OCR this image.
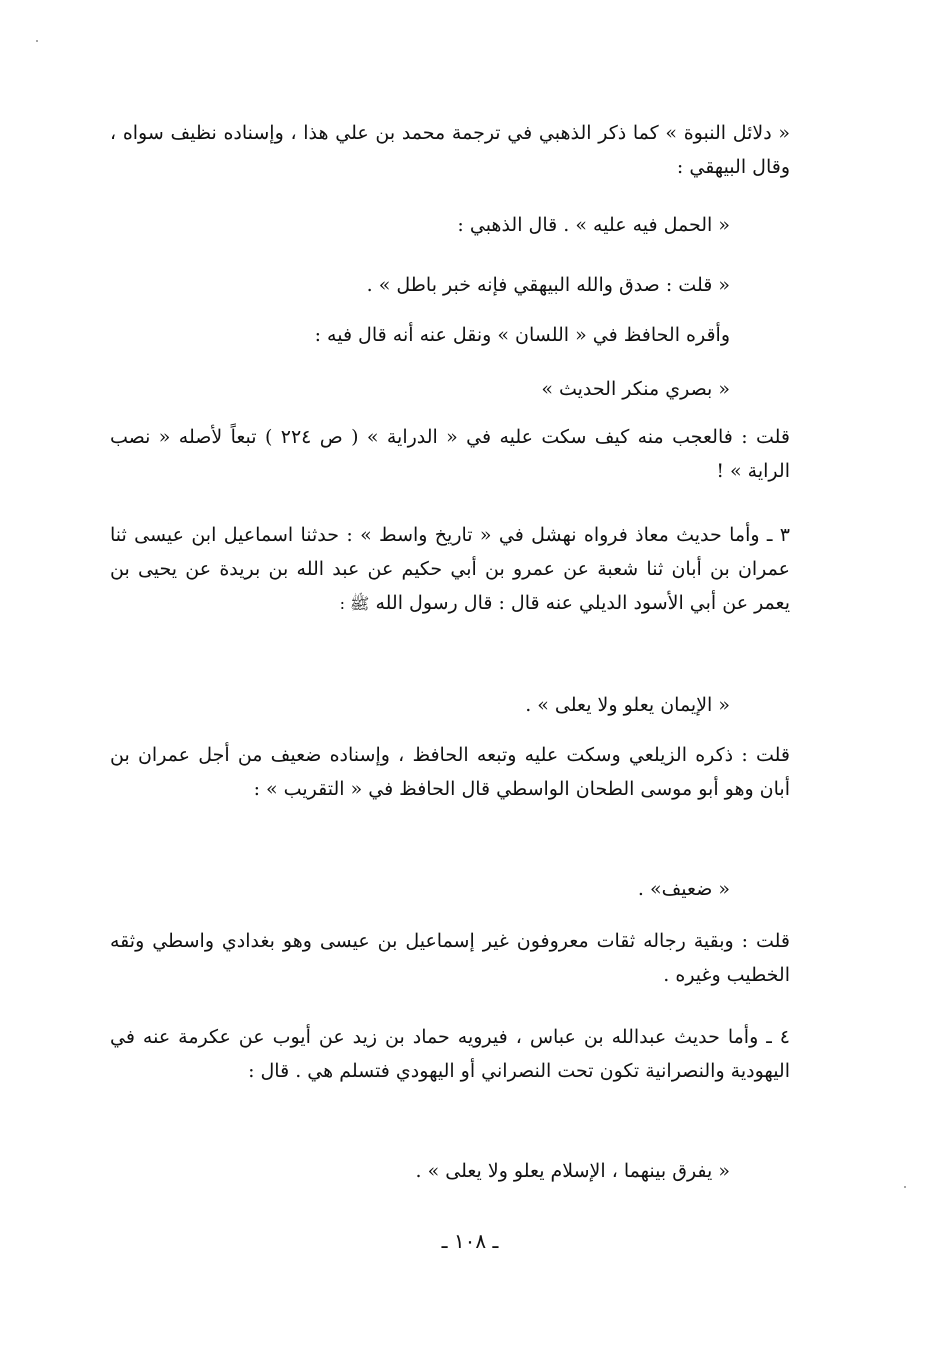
« دلائل النبوة » كما ذكر الذهبي في ترجمة محمد بن علي هذا ، وإسناده نظيف سواه ، وقال البيهقي :
« الحمل فيه عليه » . قال الذهبي :
« قلت : صدق والله البيهقي فإنه خبر باطل » .
وأقره الحافظ في « اللسان » ونقل عنه أنه قال فيه :
« بصري منكر الحديث »
قلت : فالعجب منه كيف سكت عليه في « الدراية » ( ص ٢٢٤ ) تبعاً لأصله « نصب الراية » !
٣ ـ وأما حديث معاذ فرواه نهشل في « تاريخ واسط » : حدثنا اسماعيل ابن عيسى ثنا عمران بن أبان ثنا شعبة عن عمرو بن أبي حكيم عن عبد الله بن بريدة عن يحيى بن يعمر عن أبي الأسود الديلي عنه قال : قال رسول الله ﷺ :
« الإيمان يعلو ولا يعلى » .
قلت : ذكره الزيلعي وسكت عليه وتبعه الحافظ ، وإسناده ضعيف من أجل عمران بن أبان وهو أبو موسى الطحان الواسطي قال الحافظ في « التقريب » :
« ضعيف» .
قلت : وبقية رجاله ثقات معروفون غير إسماعيل بن عيسى وهو بغدادي واسطي وثقه الخطيب وغيره .
٤ ـ وأما حديث عبدالله بن عباس ، فيرويه حماد بن زيد عن أيوب عن عكرمة عنه في اليهودية والنصرانية تكون تحت النصراني أو اليهودي فتسلم هي . قال :
« يفرق بينهما ، الإسلام يعلو ولا يعلى » .
ـ ١٠٨ ـ
